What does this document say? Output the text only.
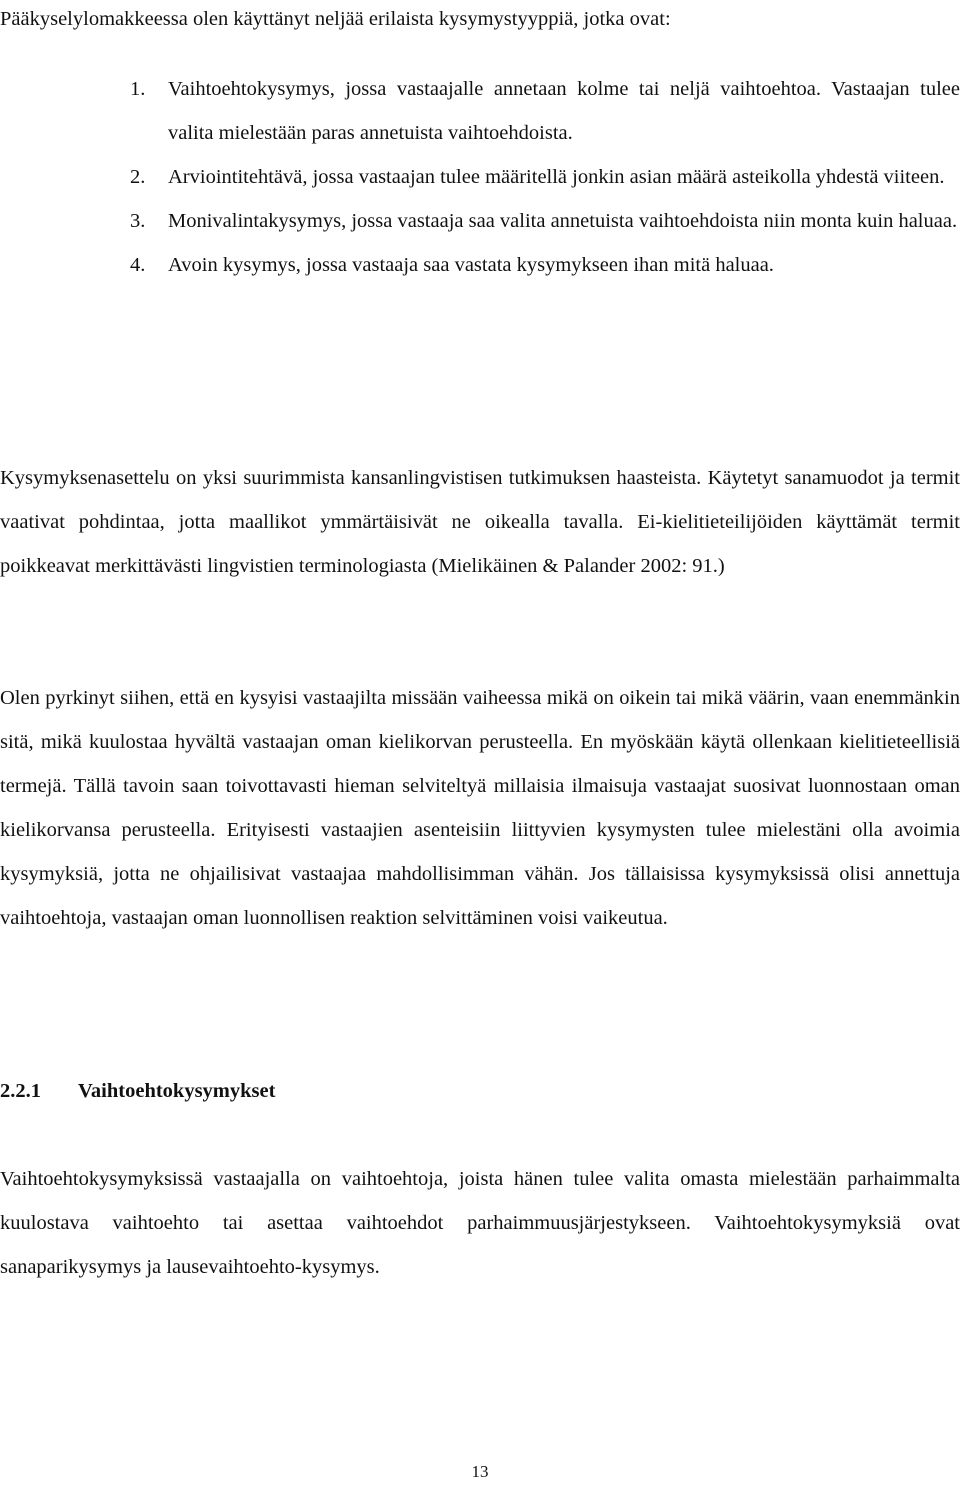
Pääkyselylomakkeessa olen käyttänyt neljää erilaista kysymystyyppiä, jotka ovat:

1. Vaihtoehtokysymys, jossa vastaajalle annetaan kolme tai neljä vaihtoehtoa. Vastaajan tulee valita mielestään paras annetuista vaihtoehdoista.
2. Arviointitehtävä, jossa vastaajan tulee määritellä jonkin asian määrä asteikolla yhdestä viiteen.
3. Monivalintakysymys, jossa vastaaja saa valita annetuista vaihtoehdoista niin monta kuin haluaa.
4. Avoin kysymys, jossa vastaaja saa vastata kysymykseen ihan mitä haluaa.

Kysymyksenasettelu on yksi suurimmista kansanlingvistisen tutkimuksen haasteista. Käytetyt sanamuodot ja termit vaativat pohdintaa, jotta maallikot ymmärtäisivät ne oikealla tavalla. Ei-kielitieteilijöiden käyttämät termit poikkeavat merkittävästi lingvistien terminologiasta (Mielikäinen & Palander 2002: 91.)

Olen pyrkinyt siihen, että en kysyisi vastaajilta missään vaiheessa mikä on oikein tai mikä väärin, vaan enemmänkin sitä, mikä kuulostaa hyvältä vastaajan oman kielikorvan perusteella. En myöskään käytä ollenkaan kielitieteellisiä termejä. Tällä tavoin saan toivottavasti hieman selviteltyä millaisia ilmaisuja vastaajat suosivat luonnostaan oman kielikorvansa perusteella. Erityisesti vastaajien asenteisiin liittyvien kysymysten tulee mielestäni olla avoimia kysymyksiä, jotta ne ohjailisivat vastaajaa mahdollisimman vähän. Jos tällaisissa kysymyksissä olisi annettuja vaihtoehtoja, vastaajan oman luonnollisen reaktion selvittäminen voisi vaikeutua.

2.2.1 Vaihtoehtokysymykset

Vaihtoehtokysymyksissä vastaajalla on vaihtoehtoja, joista hänen tulee valita omasta mielestään parhaimmalta kuulostava vaihtoehto tai asettaa vaihtoehdot parhaimmuusjärjestykseen. Vaihtoehtokysymyksiä ovat sanaparikysymys ja lausevaihtoehto-kysymys.

13
